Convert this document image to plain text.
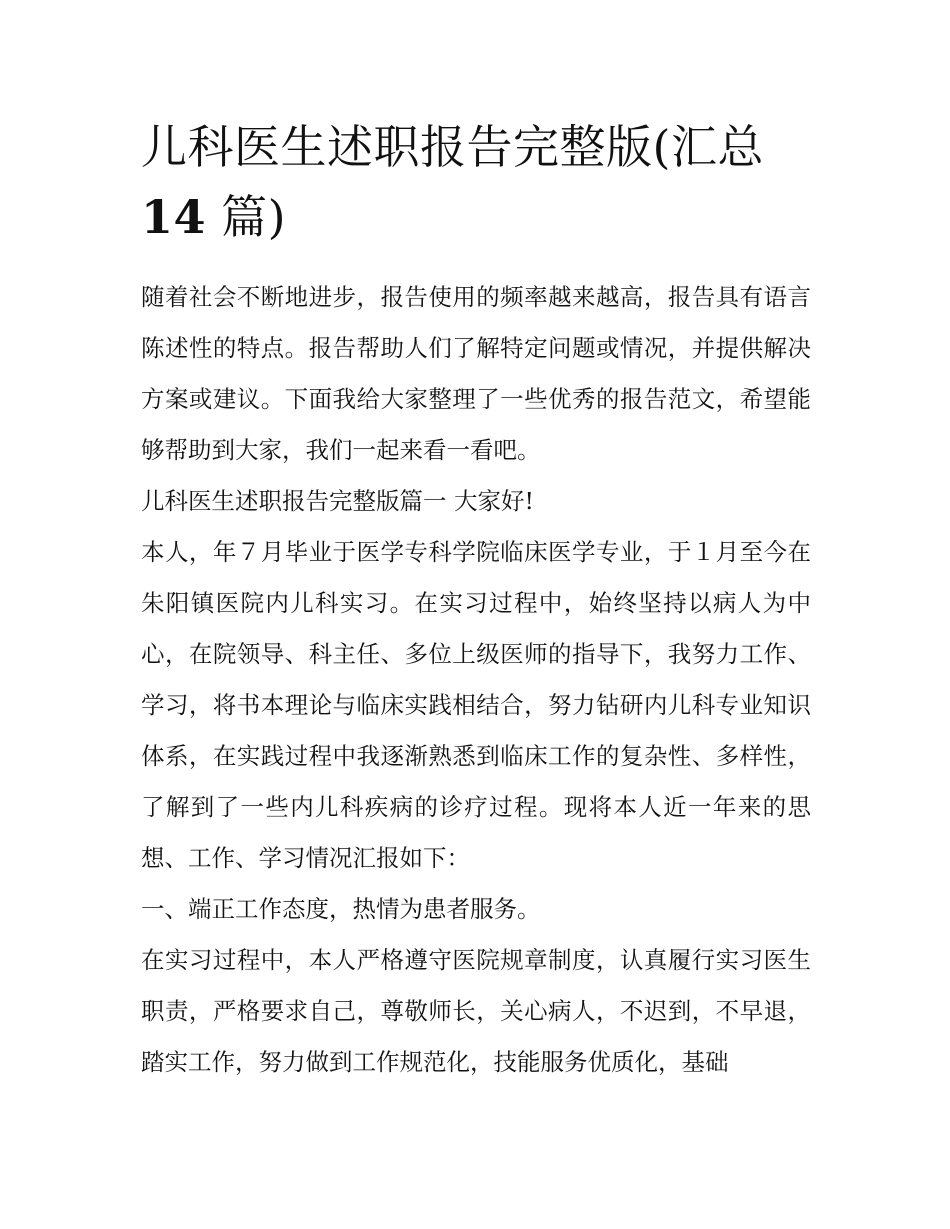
儿科医生述职报告完整版(汇总
14 篇)

随着社会不断地进步，报告使用的频率越来越高，报告具有语言陈述性的特点。报告帮助人们了解特定问题或情况，并提供解决方案或建议。下面我给大家整理了一些优秀的报告范文，希望能够帮助到大家，我们一起来看一看吧。

儿科医生述职报告完整版篇一 大家好!

本人，年７月毕业于医学专科学院临床医学专业，于１月至今在朱阳镇医院内儿科实习。在实习过程中，始终坚持以病人为中心，在院领导、科主任、多位上级医师的指导下，我努力工作、学习，将书本理论与临床实践相结合，努力钻研内儿科专业知识体系，在实践过程中我逐渐熟悉到临床工作的复杂性、多样性，了解到了一些内儿科疾病的诊疗过程。现将本人近一年来的思想、工作、学习情况汇报如下：

一、端正工作态度，热情为患者服务。

在实习过程中，本人严格遵守医院规章制度，认真履行实习医生职责，严格要求自己，尊敬师长，关心病人，不迟到，不早退，踏实工作，努力做到工作规范化，技能服务优质化，基础
